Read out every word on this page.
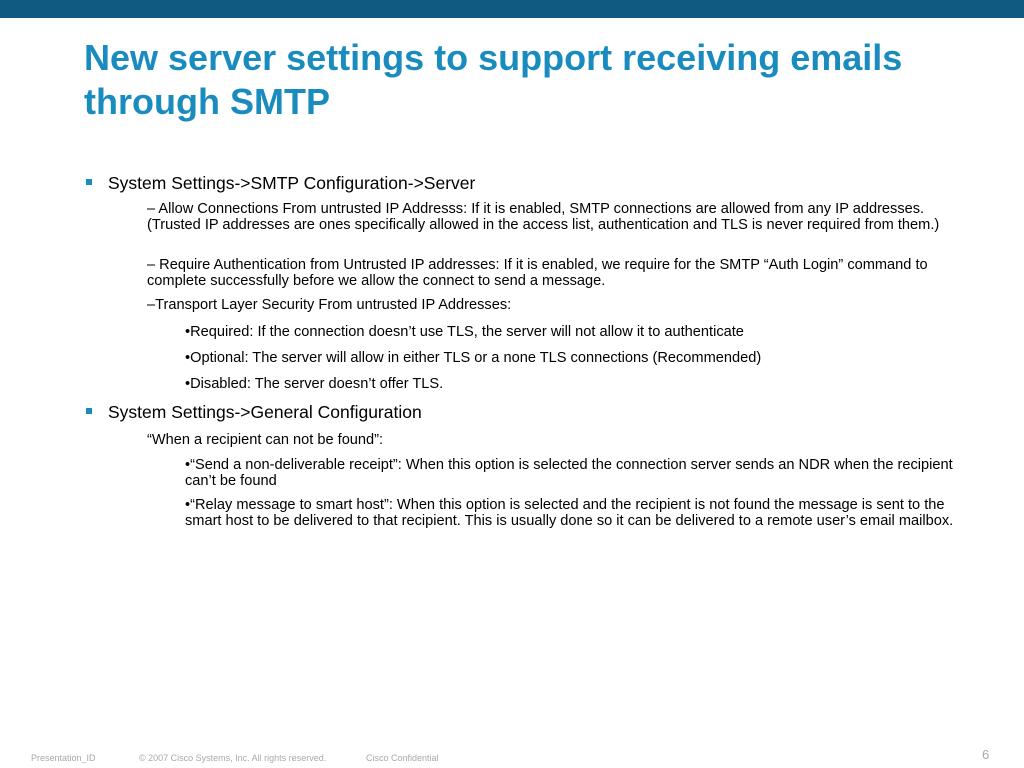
New server settings to support receiving emails through SMTP
System Settings->SMTP Configuration->Server
– Allow Connections From untrusted IP Addresss: If it is enabled, SMTP connections are allowed from any IP addresses. (Trusted IP addresses are ones specifically allowed in the access list, authentication and TLS is never required from them.)
– Require Authentication from Untrusted IP addresses: If it is enabled, we require for the SMTP “Auth Login” command to complete successfully before we allow the connect to send a message.
–Transport Layer Security From untrusted IP Addresses:
•Required: If the connection doesn’t use TLS, the server will not allow it to authenticate
•Optional: The server will allow in either TLS or a none TLS connections (Recommended)
•Disabled: The server doesn’t offer TLS.
System Settings->General Configuration
“When a recipient can not be found”:
•“Send a non-deliverable receipt”: When this option is selected the connection server sends an NDR when the recipient can’t be found
•“Relay message to smart host”: When this option is selected and the recipient is not found the message is sent to the smart host to be delivered to that recipient. This is usually done so it can be delivered to a remote user’s email mailbox.
Presentation_ID	© 2007 Cisco Systems, Inc. All rights reserved.	Cisco Confidential	6
